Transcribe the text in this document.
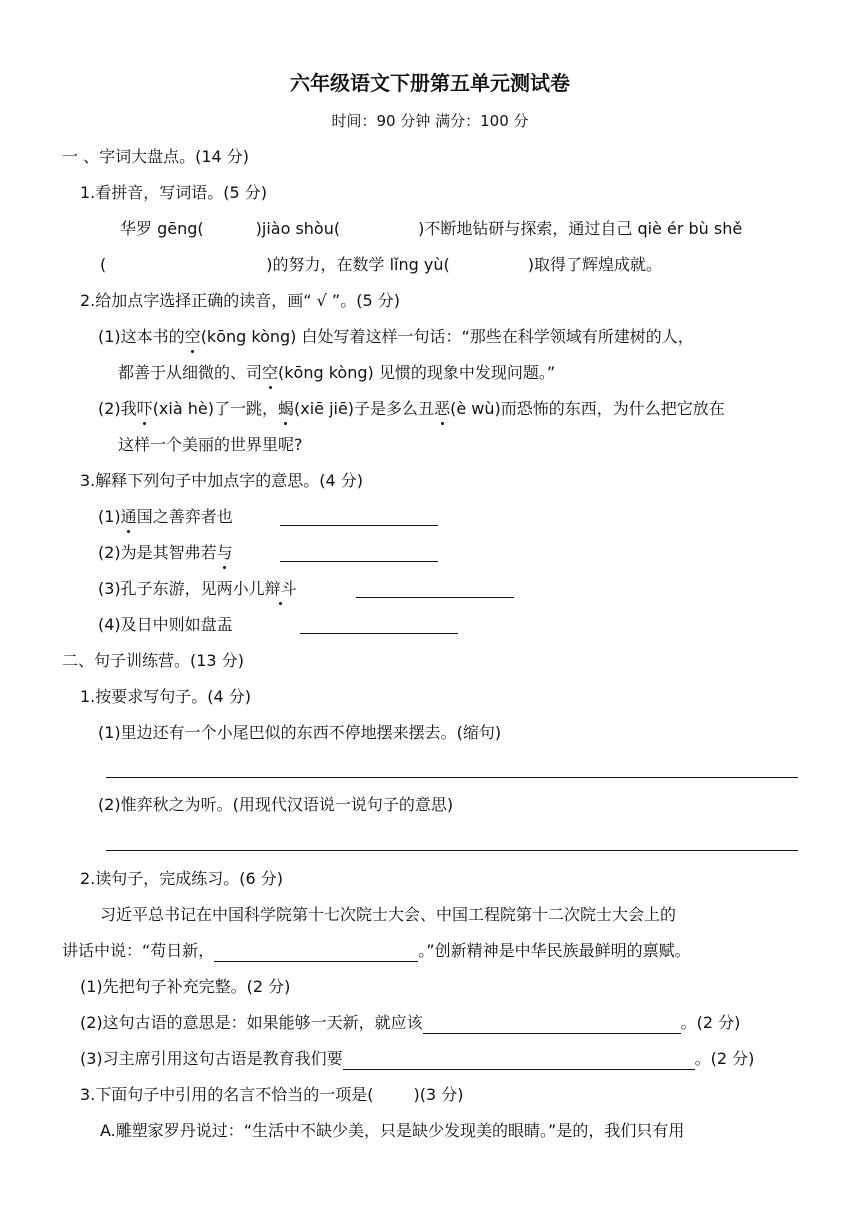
六年级语文下册第五单元测试卷
时间：90 分钟 满分：100 分
一 、字词大盘点。(14 分)
1.看拼音，写词语。(5 分)
华罗 gēng(	)jiào shòu(	)不断地钻研与探索，通过自己 qiè ér bù shě
(	)的努力，在数学 lǐng yù(	)取得了辉煌成就。
2.给加点字选择正确的读音，画“ √ ”。(5 分)
(1)这本书的空(kōng kòng) 白处写着这样一句话：“那些在科学领域有所建树的人，
都善于从细微的、司空(kōng kòng) 见惯的现象中发现问题。”
(2)我吓(xià hè)了一跳，蝎(xiē jiē)子是多么丑恶(è wù)而恐怖的东西，为什么把它放在
这样一个美丽的世界里呢?
3.解释下列句子中加点字的意思。(4 分)
(1)通国之善弈者也
(2)为是其智弗若与
(3)孔子东游，见两小儿辩斗
(4)及日中则如盘盂
二、句子训练营。(13 分)
1.按要求写句子。(4 分)
(1)里边还有一个小尾巴似的东西不停地摆来摆去。(缩句)
(2)惟弈秋之为听。(用现代汉语说一说句子的意思)
2.读句子，完成练习。(6 分)
习近平总书记在中国科学院第十七次院士大会、中国工程院第十二次院士大会上的
讲话中说：“苟日新，	。”创新精神是中华民族最鲜明的禀赋。
(1)先把句子补充完整。(2 分)
(2)这句古语的意思是：如果能够一天新，就应该	。(2 分)
(3)习主席引用这句古语是教育我们要	。(2 分)
3.下面句子中引用的名言不恰当的一项是(	)(3 分)
A.雕塑家罗丹说过：“生活中不缺少美，只是缺少发现美的眼睛。”是的，我们只有用
